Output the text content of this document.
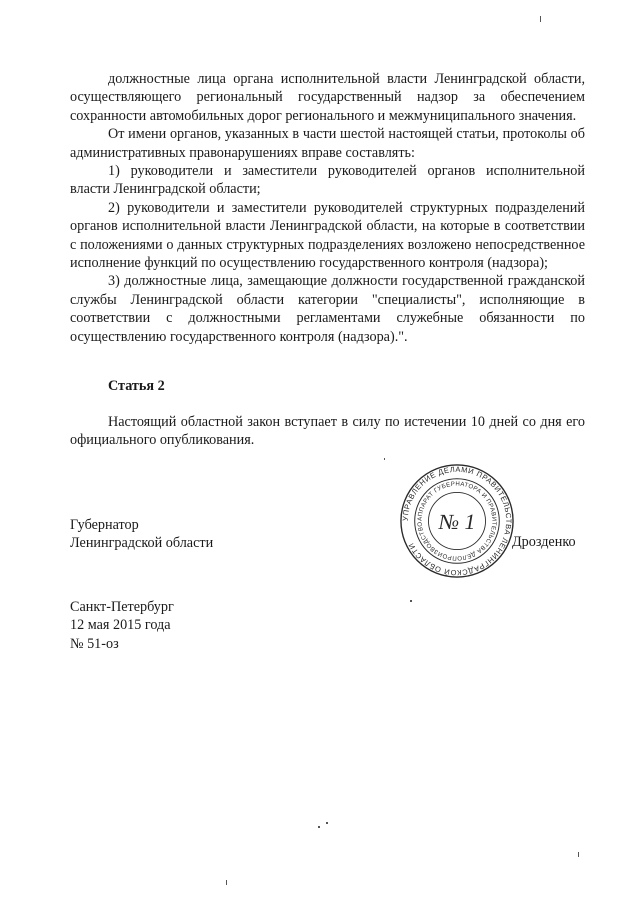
должностные лица органа исполнительной власти Ленинградской области, осуществляющего региональный государственный надзор за обеспечением сохранности автомобильных дорог регионального и межмуниципального значения.

От имени органов, указанных в части шестой настоящей статьи, протоколы об административных правонарушениях вправе составлять:

1) руководители и заместители руководителей органов исполнительной власти Ленинградской области;

2) руководители и заместители руководителей структурных подразделений органов исполнительной власти Ленинградской области, на которые в соответствии с положениями о данных структурных подразделениях возложено непосредственное исполнение функций по осуществлению государственного контроля (надзора);

3) должностные лица, замещающие должности государственной гражданской службы Ленинградской области категории "специалисты", исполняющие в соответствии с должностными регламентами служебные обязанности по осуществлению государственного контроля (надзора).".

Статья 2

Настоящий областной закон вступает в силу по истечении 10 дней со дня его официального опубликования.

Губернатор
Ленинградской области
УПРАВЛЕНИЕ ДЕЛАМИ ПРАВИТЕЛЬСТВА ЛЕНИНГРАДСКОЙ ОБЛАСТИ
АППАРАТ ГУБЕРНАТОРА И ПРАВИТЕЛЬСТВА ДЕЛОПРОИЗВОДСТВО № 1
Дрозденко
Санкт-Петербург
12 мая 2015 года
№ 51-оз
